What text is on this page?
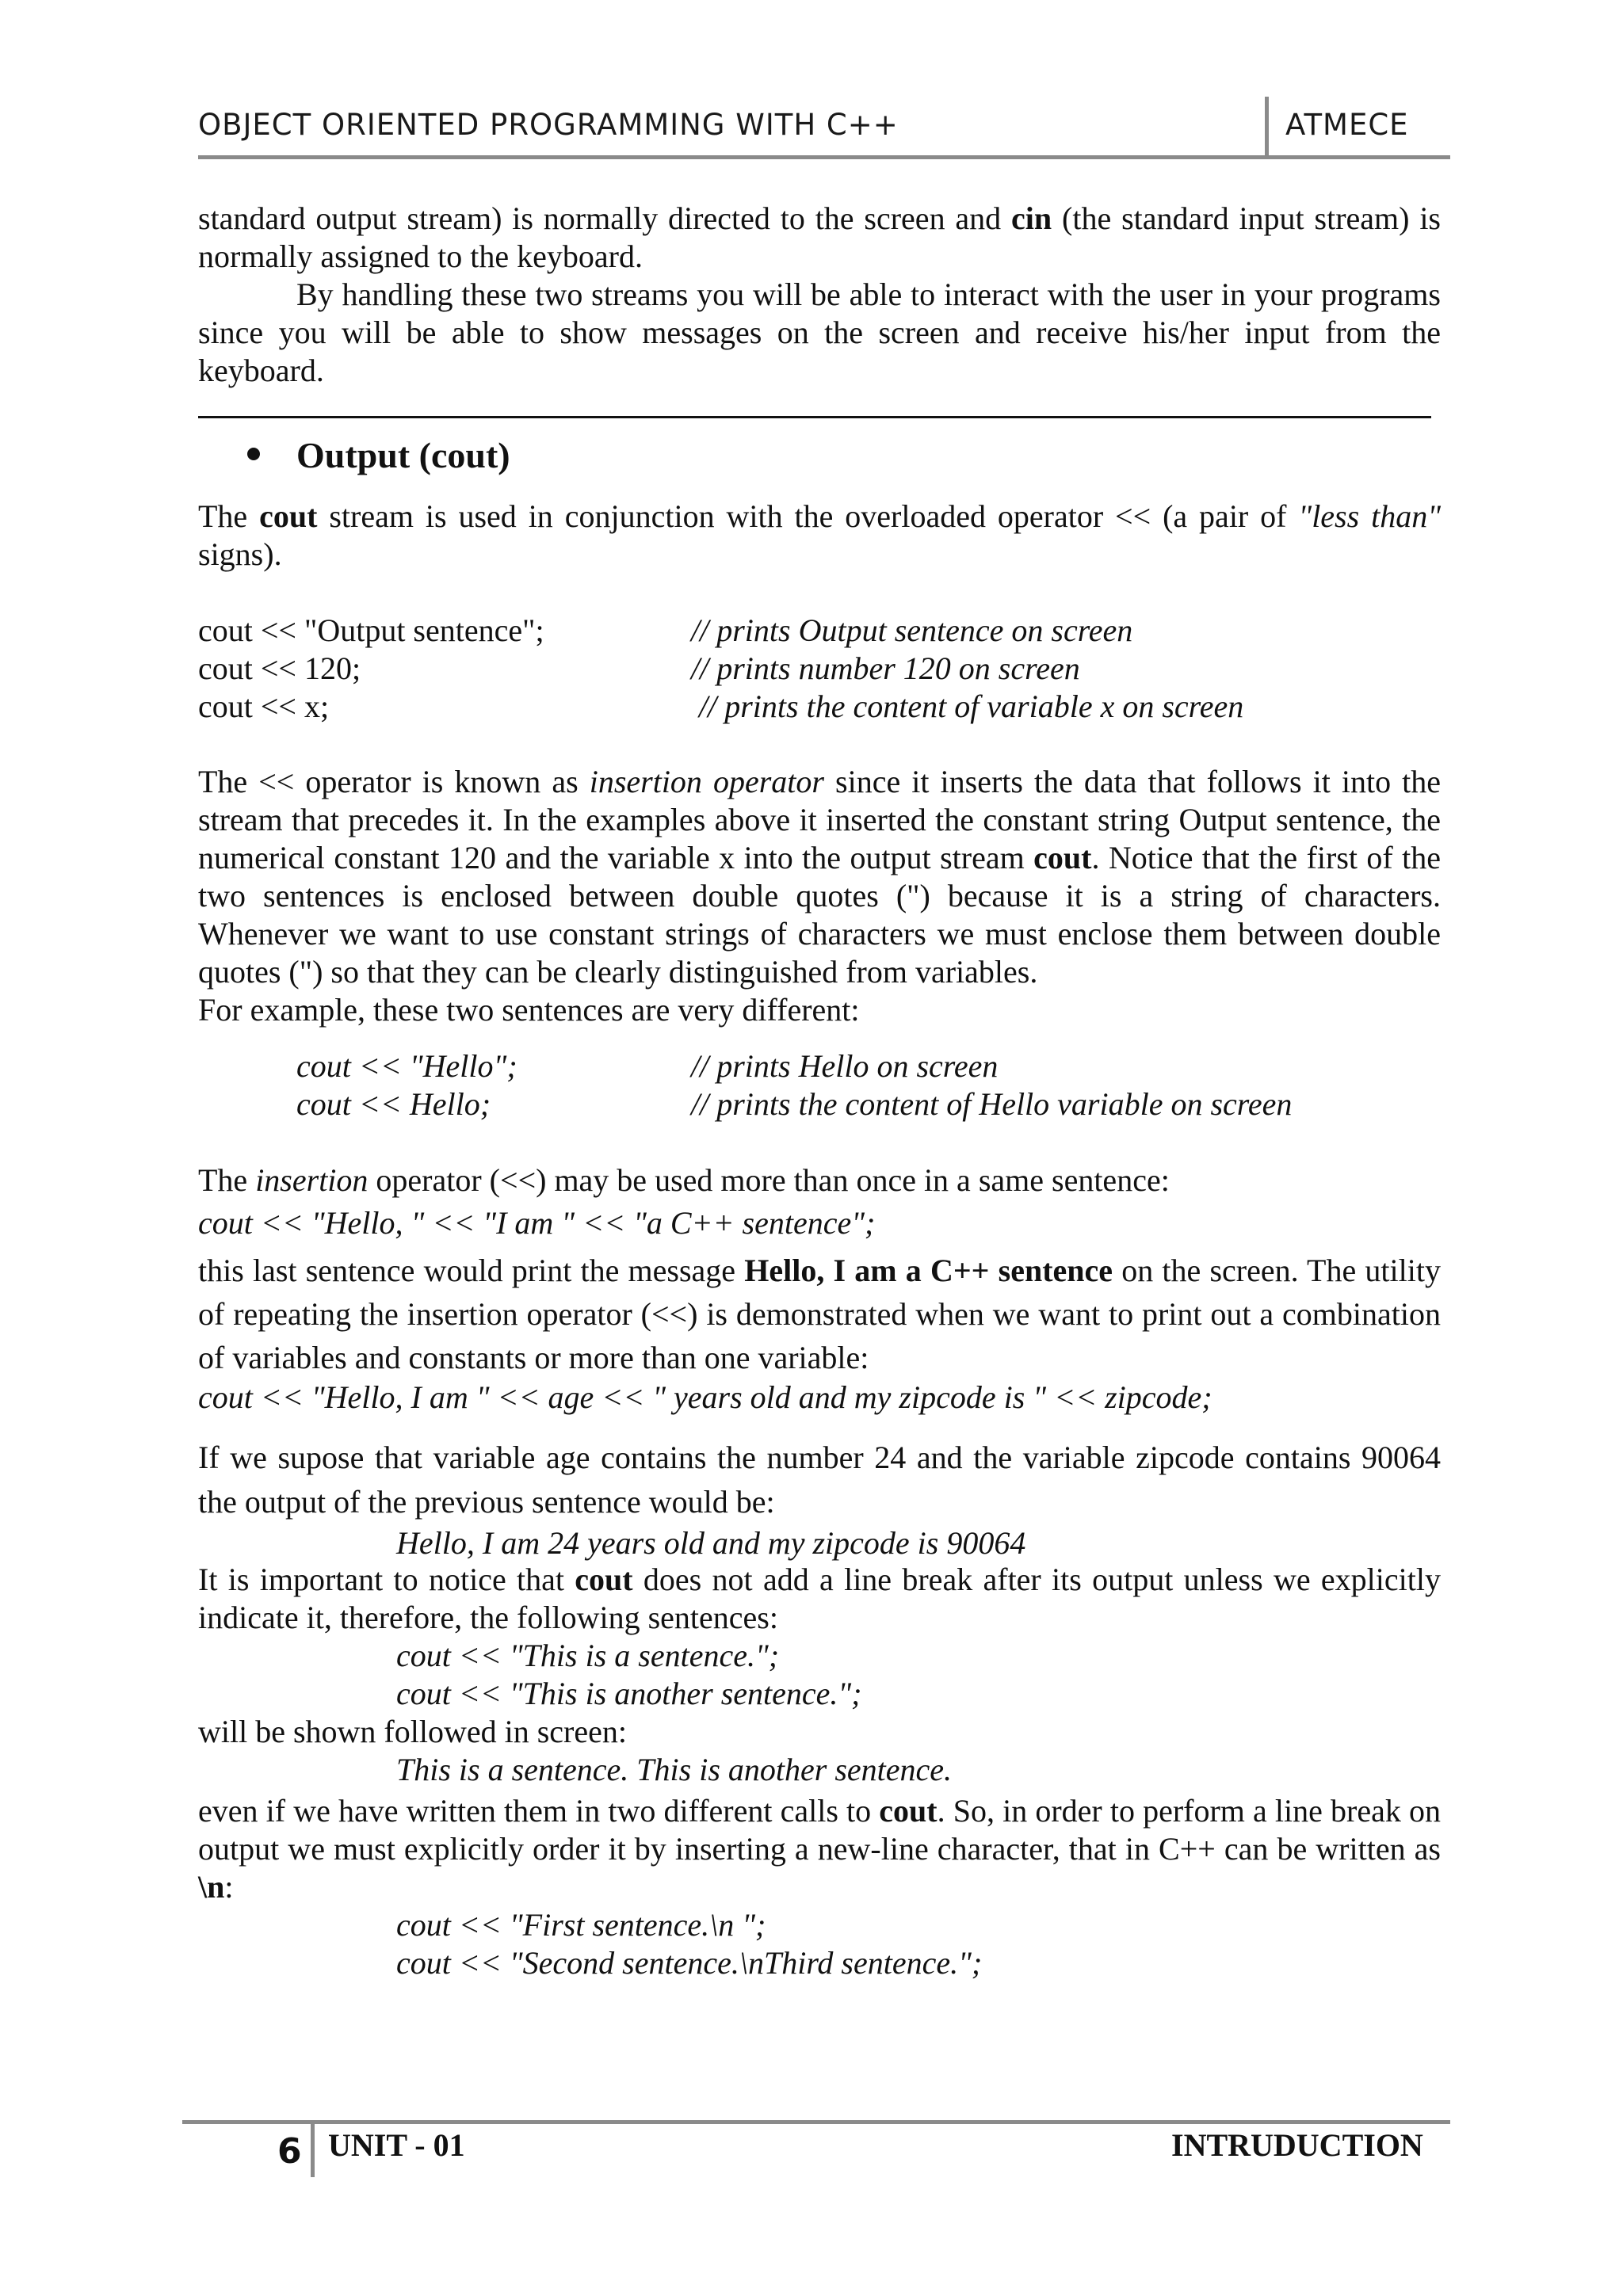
OBJECT ORIENTED PROGRAMMING WITH C++	ATMECE
standard output stream) is normally directed to the screen and cin (the standard input stream) is normally assigned to the keyboard.
By handling these two streams you will be able to interact with the user in your programs since you will be able to show messages on the screen and receive his/her input from the keyboard.
Output (cout)
The cout stream is used in conjunction with the overloaded operator << (a pair of "less than" signs).
cout << "Output sentence";	// prints Output sentence on screen
cout << 120;	// prints number 120 on screen
cout << x;	// prints the content of variable x on screen
The << operator is known as insertion operator since it inserts the data that follows it into the stream that precedes it. In the examples above it inserted the constant string Output sentence, the numerical constant 120 and the variable x into the output stream cout. Notice that the first of the two sentences is enclosed between double quotes (") because it is a string of characters. Whenever we want to use constant strings of characters we must enclose them between double quotes (") so that they can be clearly distinguished from variables.
For example, these two sentences are very different:
cout << "Hello";	// prints Hello on screen
cout << Hello;	// prints the content of Hello variable on screen
The insertion operator (<<) may be used more than once in a same sentence:
cout << "Hello, " << "I am " << "a C++ sentence";
this last sentence would print the message Hello, I am a C++ sentence on the screen. The utility of repeating the insertion operator (<<) is demonstrated when we want to print out a combination of variables and constants or more than one variable:
cout << "Hello, I am " << age << " years old and my zipcode is " << zipcode;
If we supose that variable age contains the number 24 and the variable zipcode contains 90064 the output of the previous sentence would be:
Hello, I am 24 years old and my zipcode is 90064
It is important to notice that cout does not add a line break after its output unless we explicitly indicate it, therefore, the following sentences:
cout << "This is a sentence.";
cout << "This is another sentence.";
will be shown followed in screen:
This is a sentence. This is another sentence.
even if we have written them in two different calls to cout. So, in order to perform a line break on output we must explicitly order it by inserting a new-line character, that in C++ can be written as \n:
cout << "First sentence.\n ";
cout << "Second sentence.\nThird sentence.";
6 UNIT - 01	INTRUDUCTION
